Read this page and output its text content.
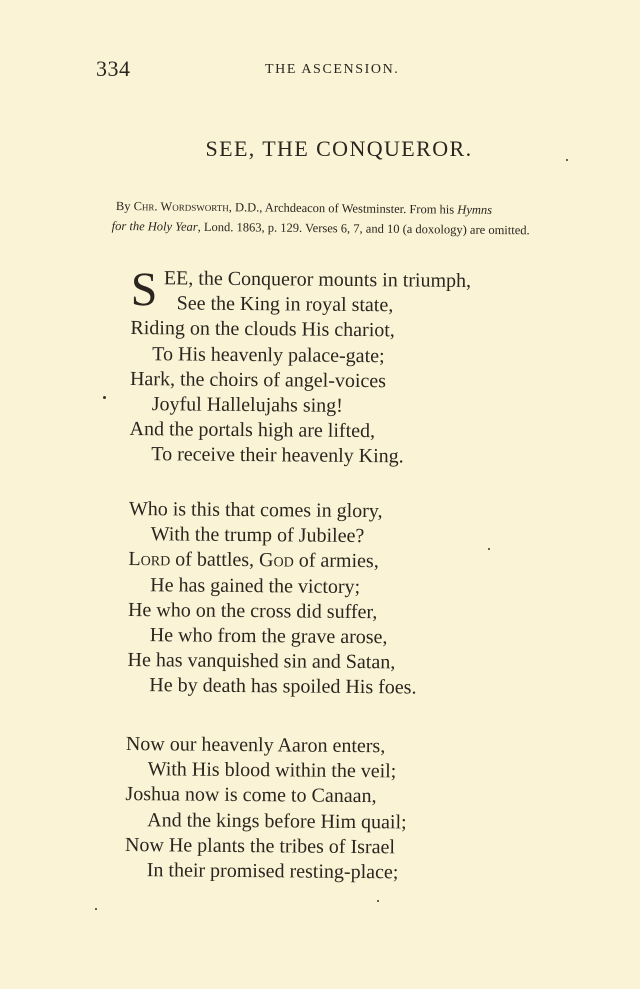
334	THE ASCENSION.
SEE, THE CONQUEROR.
By Chr. Wordsworth, D.D., Archdeacon of Westminster. From his Hymns
for the Holy Year, Lond. 1863, p. 129. Verses 6, 7, and 10 (a doxology) are omitted.
S EE, the Conqueror mounts in triumph,
See the King in royal state,
Riding on the clouds His chariot,
To His heavenly palace-gate;
Hark, the choirs of angel-voices
Joyful Hallelujahs sing!
And the portals high are lifted,
To receive their heavenly King.
Who is this that comes in glory,
With the trump of Jubilee?
Lord of battles, God of armies,
He has gained the victory;
He who on the cross did suffer,
He who from the grave arose,
He has vanquished sin and Satan,
He by death has spoiled His foes.
Now our heavenly Aaron enters,
With His blood within the veil;
Joshua now is come to Canaan,
And the kings before Him quail;
Now He plants the tribes of Israel
In their promised resting-place;
